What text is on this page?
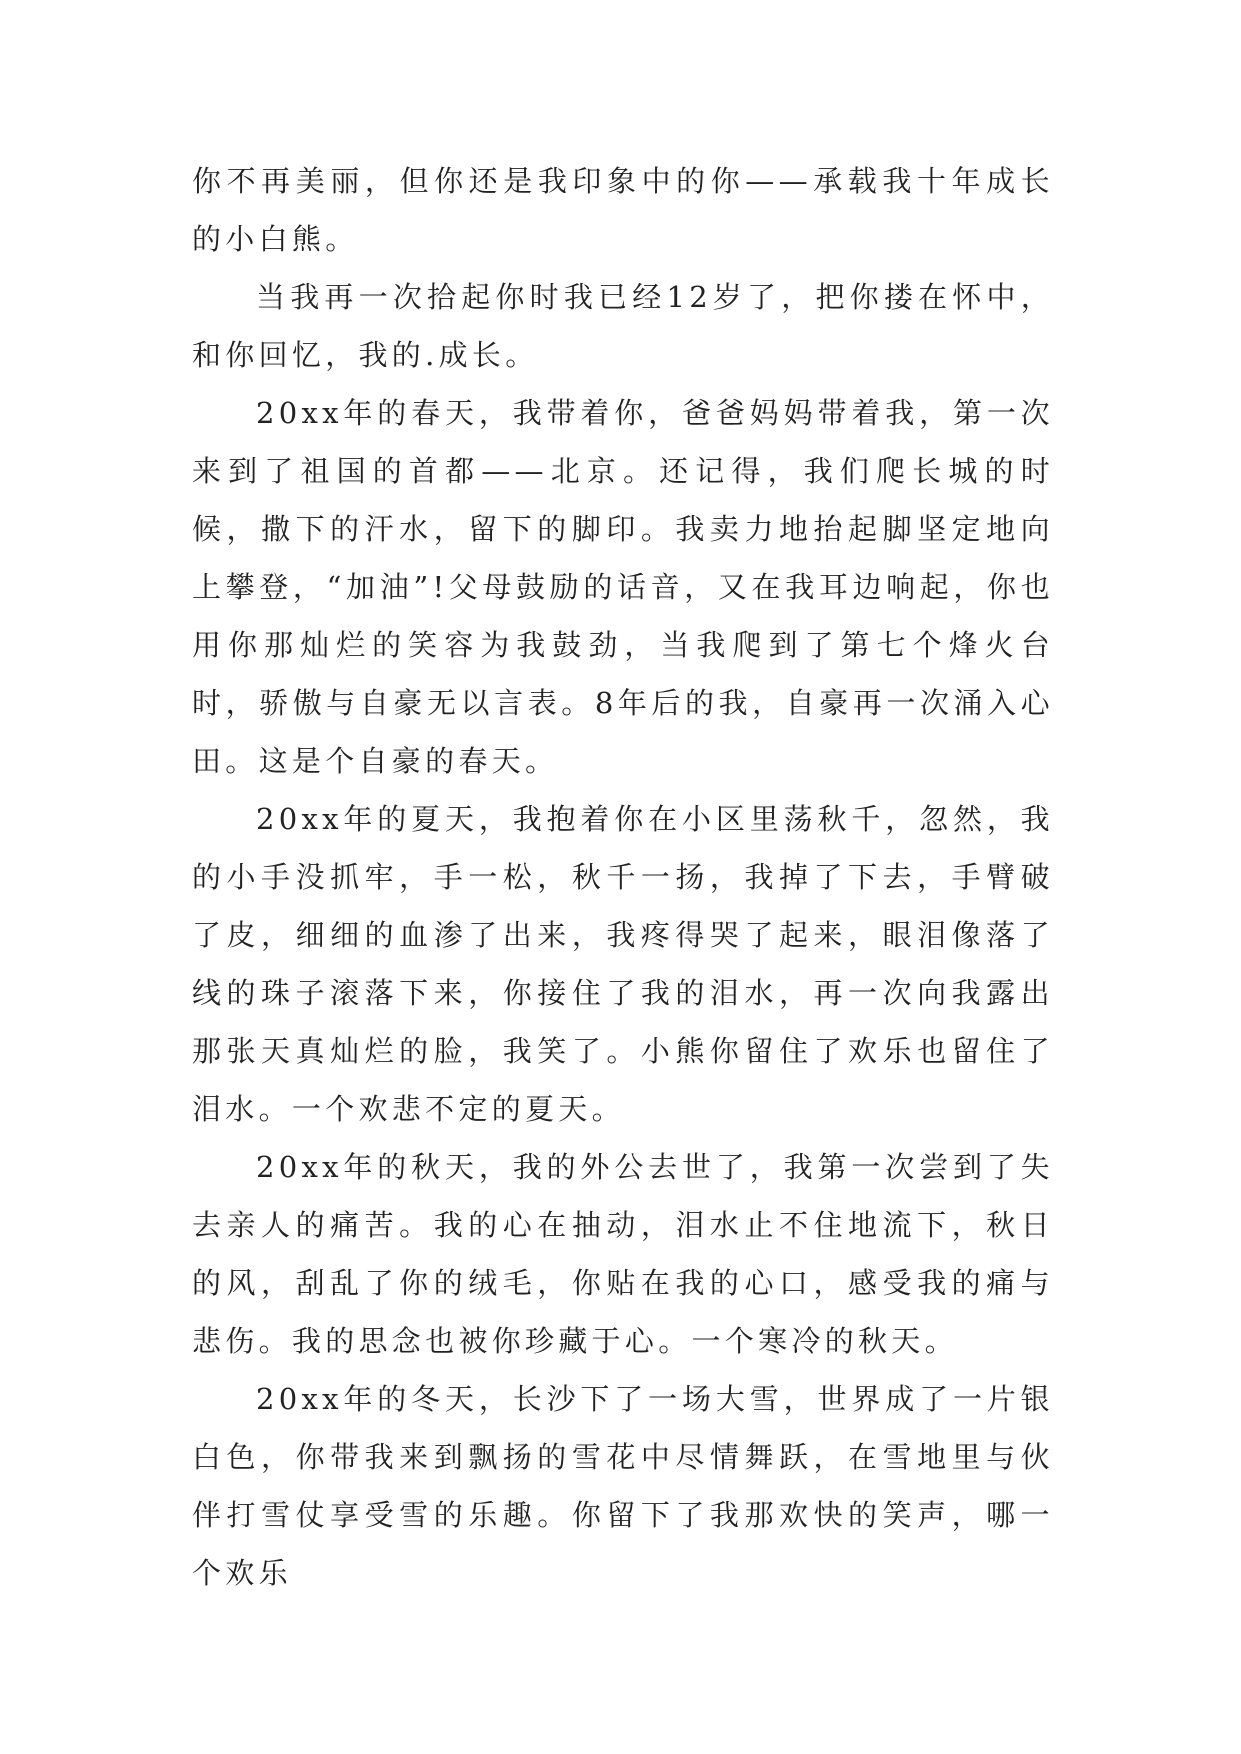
你不再美丽，但你还是我印象中的你——承载我十年成长的小白熊。

当我再一次拾起你时我已经12岁了，把你搂在怀中，和你回忆，我的.成长。

20xx年的春天，我带着你，爸爸妈妈带着我，第一次来到了祖国的首都——北京。还记得，我们爬长城的时候，撒下的汗水，留下的脚印。我卖力地抬起脚坚定地向上攀登，“加油”!父母鼓励的话音，又在我耳边响起，你也用你那灿烂的笑容为我鼓劲，当我爬到了第七个烽火台时，骄傲与自豪无以言表。8年后的我，自豪再一次涌入心田。这是个自豪的春天。

20xx年的夏天，我抱着你在小区里荡秋千，忽然，我的小手没抓牢，手一松，秋千一扬，我掉了下去，手臂破了皮，细细的血渗了出来，我疼得哭了起来，眼泪像落了线的珠子滚落下来，你接住了我的泪水，再一次向我露出那张天真灿烂的脸，我笑了。小熊你留住了欢乐也留住了泪水。一个欢悲不定的夏天。

20xx年的秋天，我的外公去世了，我第一次尝到了失去亲人的痛苦。我的心在抽动，泪水止不住地流下，秋日的风，刮乱了你的绒毛，你贴在我的心口，感受我的痛与悲伤。我的思念也被你珍藏于心。一个寒冷的秋天。

20xx年的冬天，长沙下了一场大雪，世界成了一片银白色，你带我来到飘扬的雪花中尽情舞跃，在雪地里与伙伴打雪仗享受雪的乐趣。你留下了我那欢快的笑声，哪一个欢乐
